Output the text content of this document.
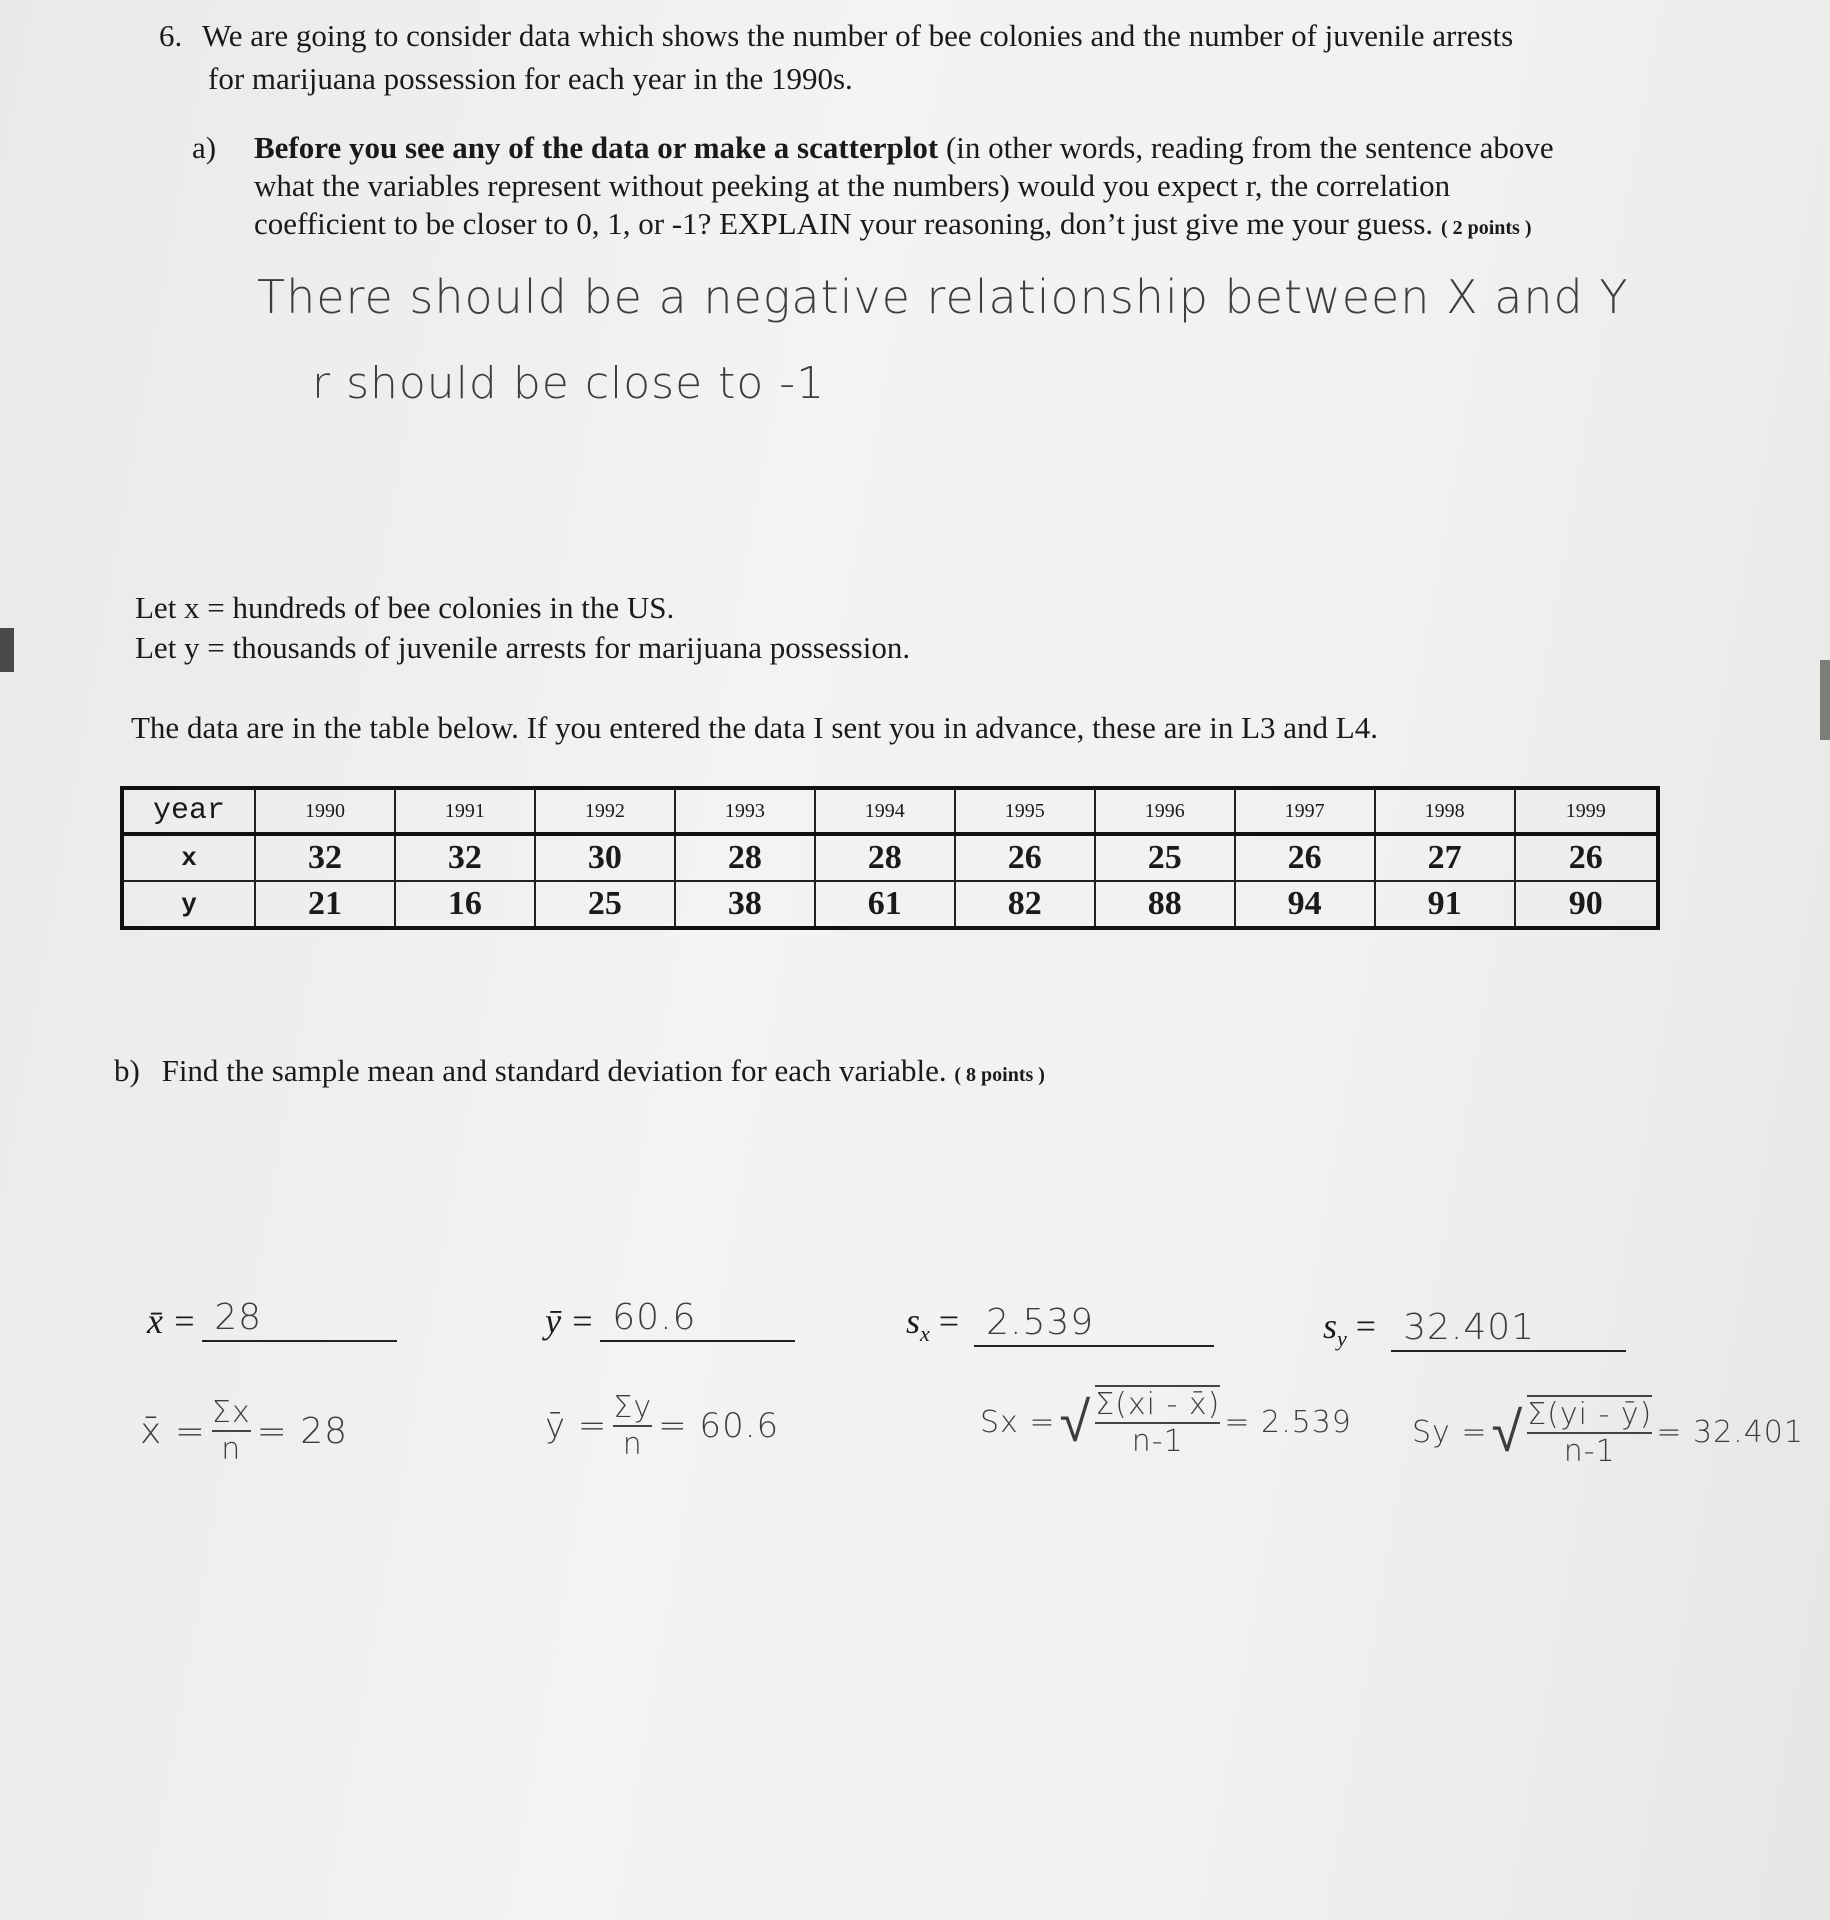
6. We are going to consider data which shows the number of bee colonies and the number of juvenile arrests
for marijuana possession for each year in the 1990s.
a) Before you see any of the data or make a scatterplot (in other words, reading from the sentence above
what the variables represent without peeking at the numbers) would you expect r, the correlation
coefficient to be closer to 0, 1, or -1? EXPLAIN your reasoning, don’t just give me your guess. ( 2 points )
There should be a negative relationship between X and Y
r should be close to -1
Let x = hundreds of bee colonies in the US.
Let y = thousands of juvenile arrests for marijuana possession.
The data are in the table below. If you entered the data I sent you in advance, these are in L3 and L4.
year	1990	1991	1992	1993	1994	1995	1996	1997	1998	1999
x	32	32	30	28	28	26	25	26	27	26
y	21	16	25	38	61	82	88	94	91	90
b) Find the sample mean and standard deviation for each variable. ( 8 points )
x̄ = 28	ȳ = 60.6	$s_x = 2.539$	$s_y = 32.401$
x̄ = $\frac{\Sigma x}{n} = 28$	ȳ = $\frac{\Sigma y}{n} = 60.6$	Sx = √ $\frac{\Sigma(xi - x̄)}{n-1} = 2.539$ Sy = √ $\frac{\Sigma(yi - ȳ)}{n-1} = 32.401$
